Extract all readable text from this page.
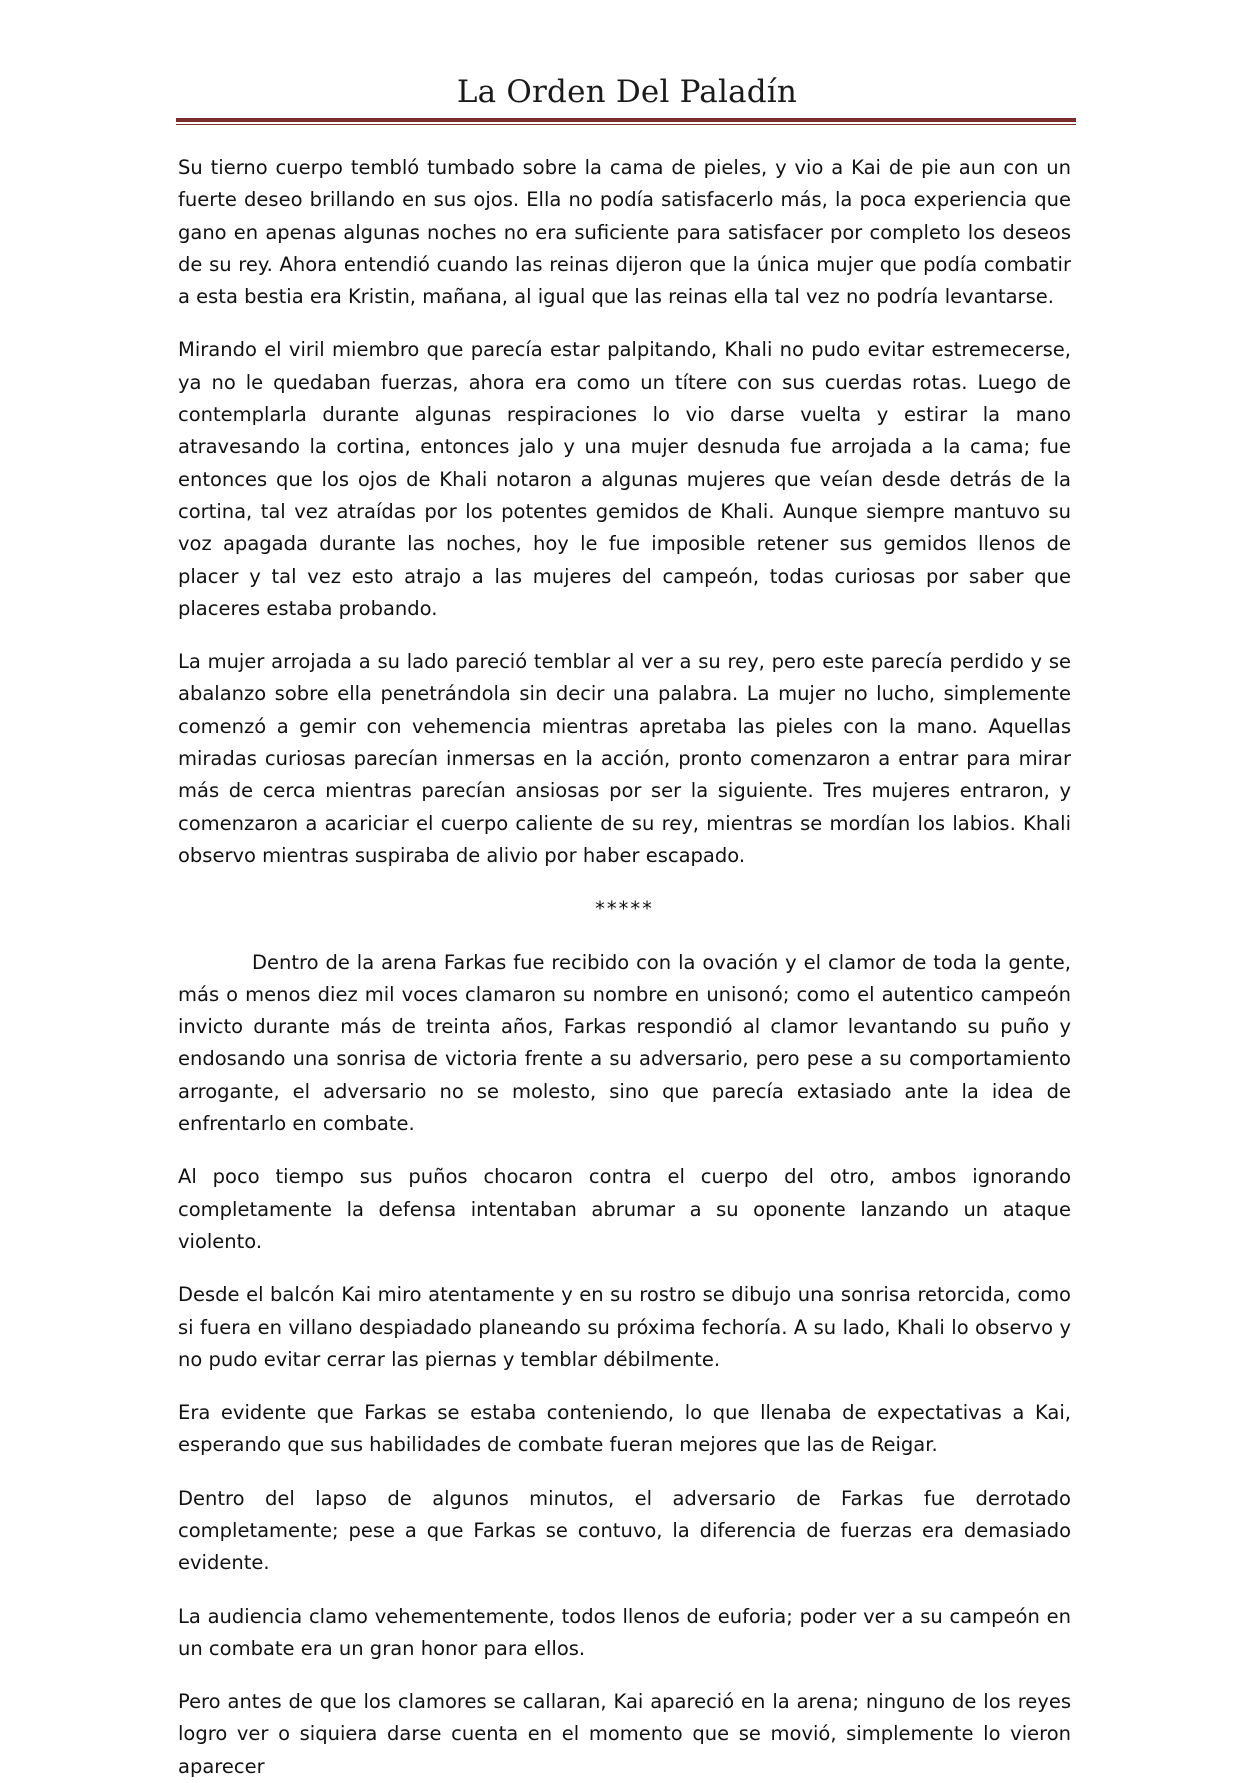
La Orden Del Paladín

Su tierno cuerpo tembló tumbado sobre la cama de pieles, y vio a Kai de pie aun con un fuerte deseo brillando en sus ojos. Ella no podía satisfacerlo más, la poca experiencia que gano en apenas algunas noches no era suficiente para satisfacer por completo los deseos de su rey. Ahora entendió cuando las reinas dijeron que la única mujer que podía combatir a esta bestia era Kristin, mañana, al igual que las reinas ella tal vez no podría levantarse.

Mirando el viril miembro que parecía estar palpitando, Khali no pudo evitar estremecerse, ya no le quedaban fuerzas, ahora era como un títere con sus cuerdas rotas. Luego de contemplarla durante algunas respiraciones lo vio darse vuelta y estirar la mano atravesando la cortina, entonces jalo y una mujer desnuda fue arrojada a la cama; fue entonces que los ojos de Khali notaron a algunas mujeres que veían desde detrás de la cortina, tal vez atraídas por los potentes gemidos de Khali. Aunque siempre mantuvo su voz apagada durante las noches, hoy le fue imposible retener sus gemidos llenos de placer y tal vez esto atrajo a las mujeres del campeón, todas curiosas por saber que placeres estaba probando.

La mujer arrojada a su lado pareció temblar al ver a su rey, pero este parecía perdido y se abalanzo sobre ella penetrándola sin decir una palabra. La mujer no lucho, simplemente comenzó a gemir con vehemencia mientras apretaba las pieles con la mano. Aquellas miradas curiosas parecían inmersas en la acción, pronto comenzaron a entrar para mirar más de cerca mientras parecían ansiosas por ser la siguiente. Tres mujeres entraron, y comenzaron a acariciar el cuerpo caliente de su rey, mientras se mordían los labios. Khali observo mientras suspiraba de alivio por haber escapado.

*****

Dentro de la arena Farkas fue recibido con la ovación y el clamor de toda la gente, más o menos diez mil voces clamaron su nombre en unisonó; como el autentico campeón invicto durante más de treinta años, Farkas respondió al clamor levantando su puño y endosando una sonrisa de victoria frente a su adversario, pero pese a su comportamiento arrogante, el adversario no se molesto, sino que parecía extasiado ante la idea de enfrentarlo en combate.

Al poco tiempo sus puños chocaron contra el cuerpo del otro, ambos ignorando completamente la defensa intentaban abrumar a su oponente lanzando un ataque violento.

Desde el balcón Kai miro atentamente y en su rostro se dibujo una sonrisa retorcida, como si fuera en villano despiadado planeando su próxima fechoría. A su lado, Khali lo observo y no pudo evitar cerrar las piernas y temblar débilmente.

Era evidente que Farkas se estaba conteniendo, lo que llenaba de expectativas a Kai, esperando que sus habilidades de combate fueran mejores que las de Reigar.

Dentro del lapso de algunos minutos, el adversario de Farkas fue derrotado completamente; pese a que Farkas se contuvo, la diferencia de fuerzas era demasiado evidente.

La audiencia clamo vehementemente, todos llenos de euforia; poder ver a su campeón en un combate era un gran honor para ellos.

Pero antes de que los clamores se callaran, Kai apareció en la arena; ninguno de los reyes logro ver o siquiera darse cuenta en el momento que se movió, simplemente lo vieron aparecer
